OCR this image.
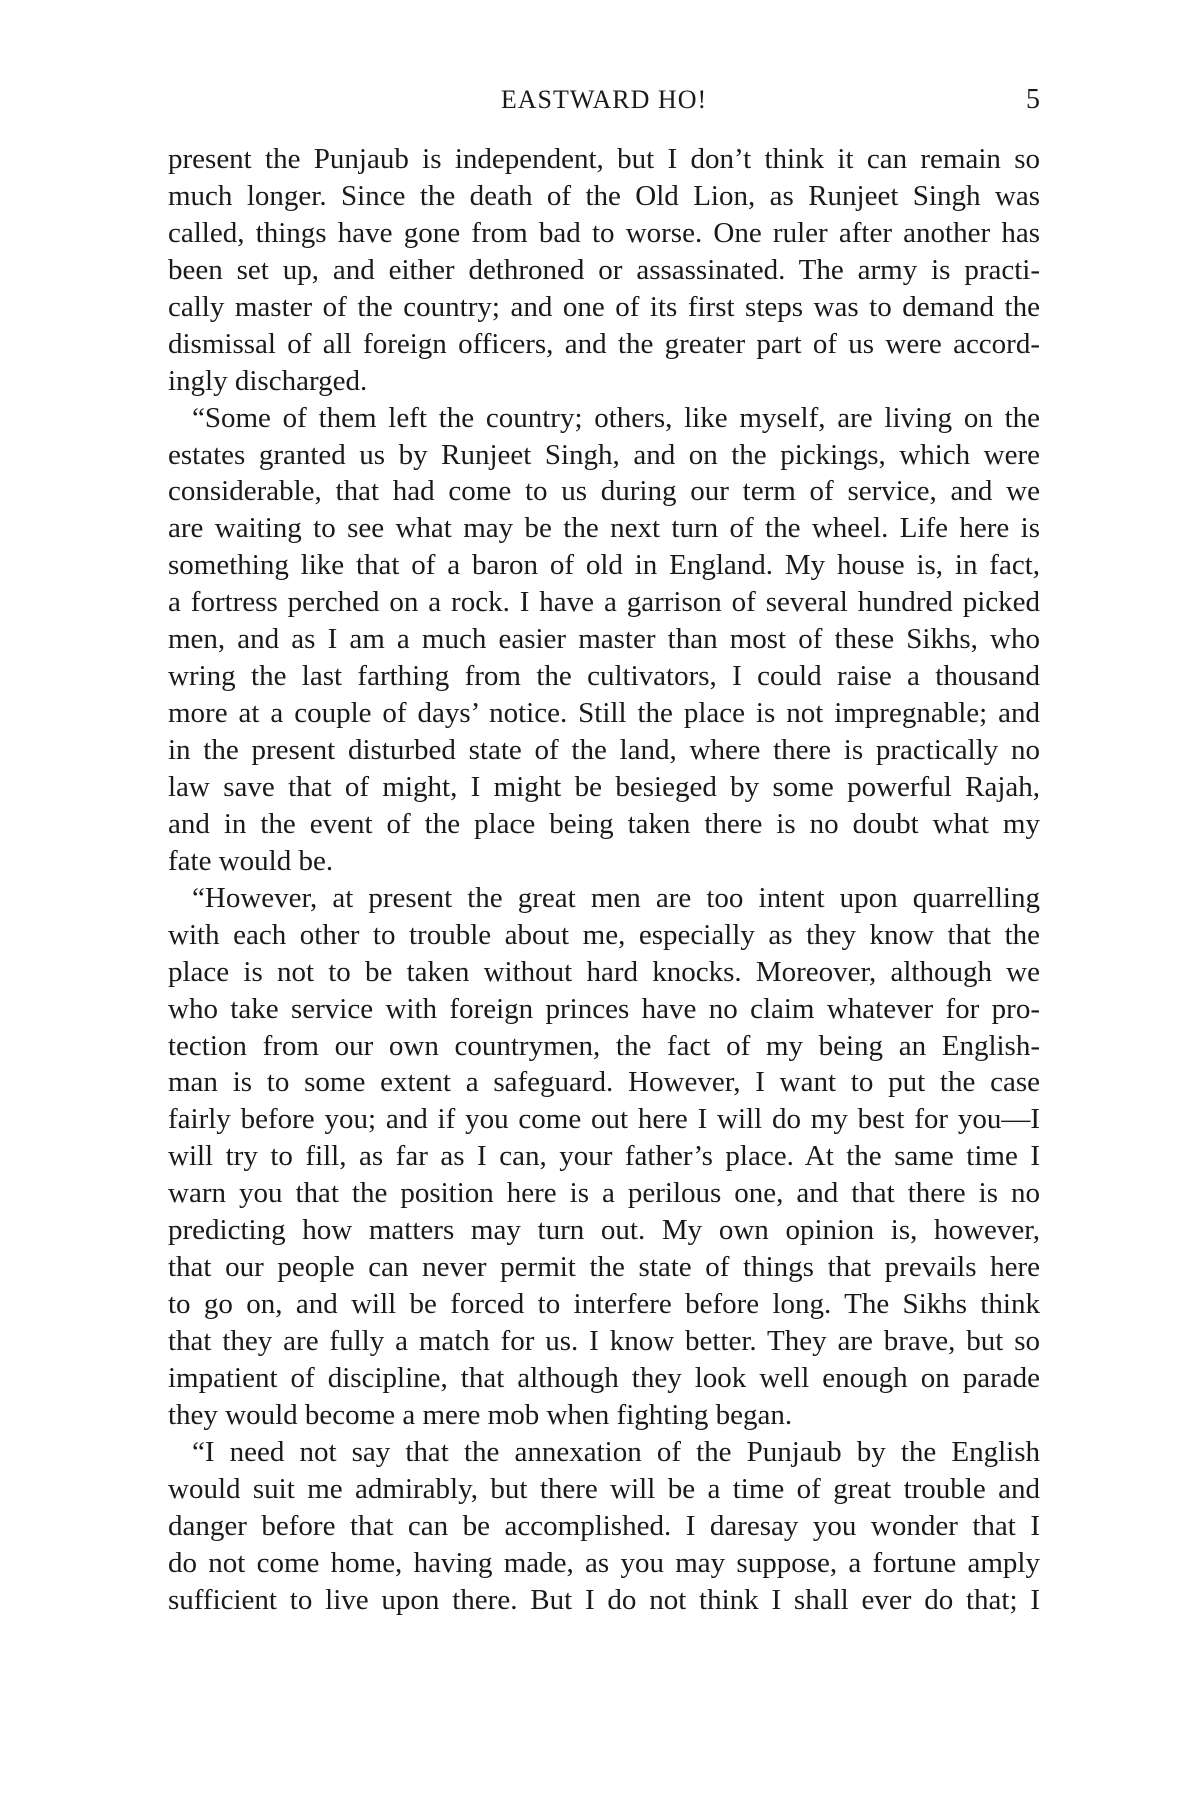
EASTWARD HO!	5
present the Punjaub is independent, but I don’t think it can remain so
much longer. Since the death of the Old Lion, as Runjeet Singh was
called, things have gone from bad to worse. One ruler after another has
been set up, and either dethroned or assassinated. The army is practi-
cally master of the country; and one of its first steps was to demand the
dismissal of all foreign officers, and the greater part of us were accord-
ingly discharged.
“Some of them left the country; others, like myself, are living on the
estates granted us by Runjeet Singh, and on the pickings, which were
considerable, that had come to us during our term of service, and we
are waiting to see what may be the next turn of the wheel. Life here is
something like that of a baron of old in England. My house is, in fact,
a fortress perched on a rock. I have a garrison of several hundred picked
men, and as I am a much easier master than most of these Sikhs, who
wring the last farthing from the cultivators, I could raise a thousand
more at a couple of days’ notice. Still the place is not impregnable; and
in the present disturbed state of the land, where there is practically no
law save that of might, I might be besieged by some powerful Rajah,
and in the event of the place being taken there is no doubt what my
fate would be.
“However, at present the great men are too intent upon quarrelling
with each other to trouble about me, especially as they know that the
place is not to be taken without hard knocks. Moreover, although we
who take service with foreign princes have no claim whatever for pro-
tection from our own countrymen, the fact of my being an English-
man is to some extent a safeguard. However, I want to put the case
fairly before you; and if you come out here I will do my best for you—I
will try to fill, as far as I can, your father’s place. At the same time I
warn you that the position here is a perilous one, and that there is no
predicting how matters may turn out. My own opinion is, however,
that our people can never permit the state of things that prevails here
to go on, and will be forced to interfere before long. The Sikhs think
that they are fully a match for us. I know better. They are brave, but so
impatient of discipline, that although they look well enough on parade
they would become a mere mob when fighting began.
“I need not say that the annexation of the Punjaub by the English
would suit me admirably, but there will be a time of great trouble and
danger before that can be accomplished. I daresay you wonder that I
do not come home, having made, as you may suppose, a fortune amply
sufficient to live upon there. But I do not think I shall ever do that; I
